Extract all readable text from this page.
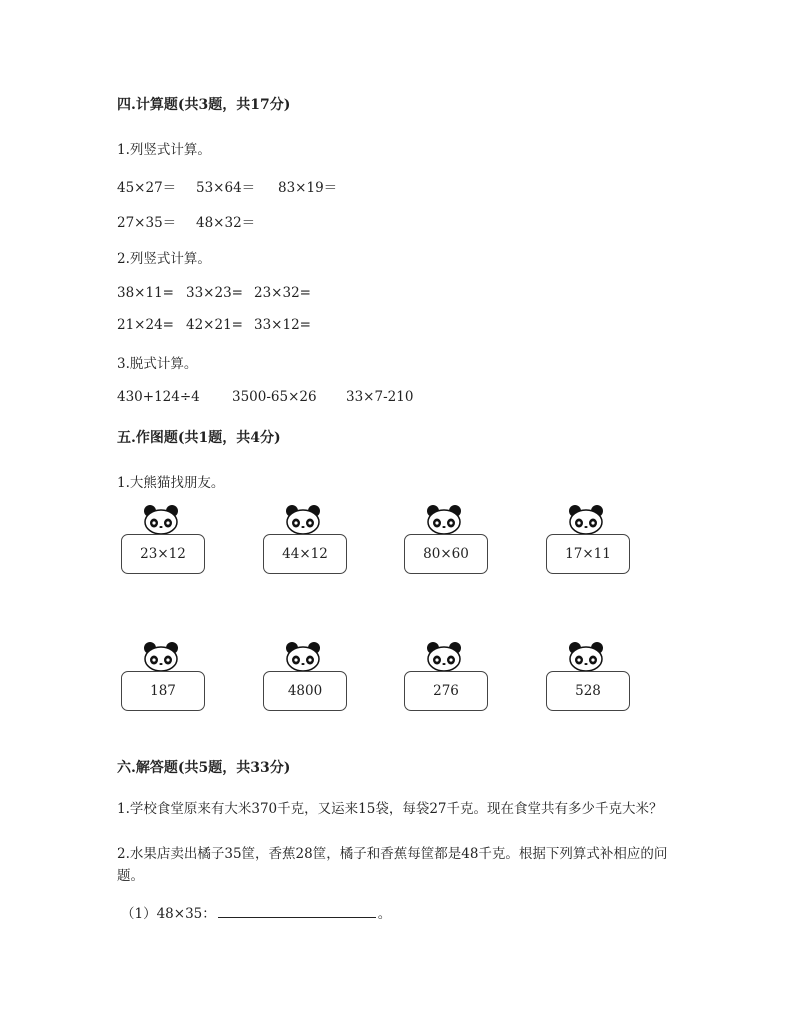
四.计算题(共3题，共17分)
1.列竖式计算。
45×27＝ 53×64＝ 83×19＝
27×35＝ 48×32＝
2.列竖式计算。
38×11= 33×23= 23×32=
21×24= 42×21= 33×12=
3.脱式计算。
430+124÷4 3500-65×26 33×7-210
五.作图题(共1题，共4分)
1.大熊猫找朋友。
23×12	44×12	80×60	17×11
187	4800	276	528
六.解答题(共5题，共33分)
1.学校食堂原来有大米370千克，又运来15袋，每袋27千克。现在食堂共有多少千克大米？
2.水果店卖出橘子35筐，香蕉28筐，橘子和香蕉每筐都是48千克。根据下列算式补相应的问题。
（1）48×35：	。
